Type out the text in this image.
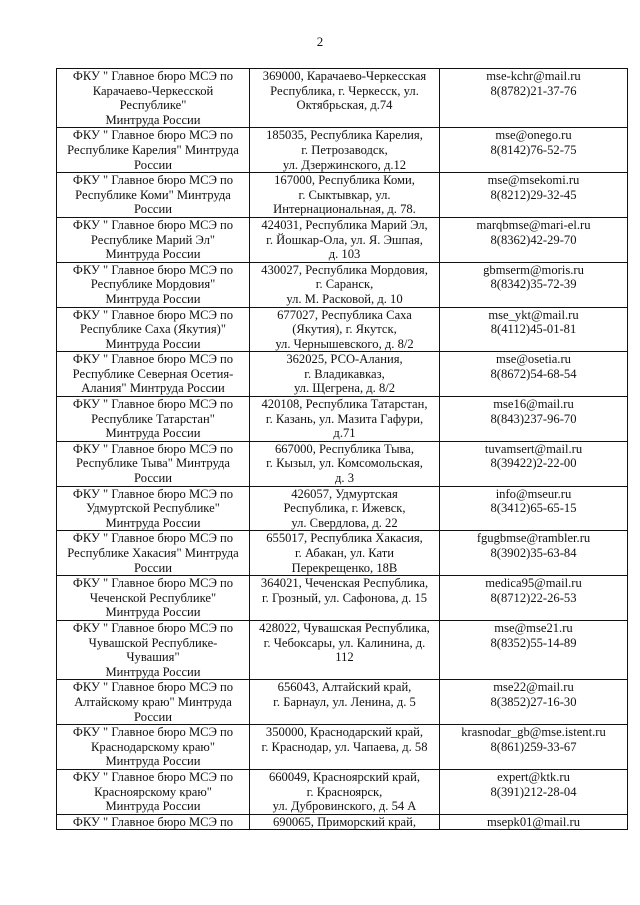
2
ФКУ " Главное бюро МСЭ по
Карачаево-Черкесской
Республике"
Минтруда России	369000, Карачаево-Черкесская
Республика, г. Черкесск, ул.
Октябрьская, д.74	mse-kchr@mail.ru
8(8782)21-37-76

ФКУ " Главное бюро МСЭ по
Республике Карелия" Минтруда
России	185035, Республика Карелия,
г. Петрозаводск,
ул. Дзержинского, д.12	mse@onego.ru
8(8142)76-52-75

ФКУ " Главное бюро МСЭ по
Республике Коми" Минтруда
России	167000, Республика Коми,
г. Сыктывкар, ул.
Интернациональная, д. 78.	mse@msekomi.ru
8(8212)29-32-45

ФКУ " Главное бюро МСЭ по
Республике Марий Эл"
Минтруда России	424031, Республика Марий Эл,
г. Йошкар-Ола, ул. Я. Эшпая,
д. 103	marqbmse@mari-el.ru
8(8362)42-29-70

ФКУ " Главное бюро МСЭ по
Республике Мордовия"
Минтруда России	430027, Республика Мордовия,
г. Саранск,
ул. М. Расковой, д. 10	gbmserm@moris.ru
8(8342)35-72-39

ФКУ " Главное бюро МСЭ по
Республике Саха (Якутия)"
Минтруда России	677027, Республика Саха
(Якутия), г. Якутск,
ул. Чернышевского, д. 8/2	mse_ykt@mail.ru
8(4112)45-01-81

ФКУ " Главное бюро МСЭ по
Республике Северная Осетия-
Алания" Минтруда России	362025, РСО-Алания,
г. Владикавказ,
ул. Щегрена, д. 8/2	mse@osetia.ru
8(8672)54-68-54

ФКУ " Главное бюро МСЭ по
Республике Татарстан"
Минтруда России	420108, Республика Татарстан,
г. Казань, ул. Мазита Гафури,
д.71	mse16@mail.ru
8(843)237-96-70

ФКУ " Главное бюро МСЭ по
Республике Тыва" Минтруда
России	667000, Республика Тыва,
г. Кызыл, ул. Комсомольская,
д. 3	tuvamsert@mail.ru
8(39422)2-22-00

ФКУ " Главное бюро МСЭ по
Удмуртской Республике"
Минтруда России	426057, Удмуртская
Республика, г. Ижевск,
ул. Свердлова, д. 22	info@mseur.ru
8(3412)65-65-15

ФКУ " Главное бюро МСЭ по
Республике Хакасия" Минтруда
России	655017, Республика Хакасия,
г. Абакан, ул. Кати
Перекрещенко, 18В	fgugbmse@rambler.ru
8(3902)35-63-84

ФКУ " Главное бюро МСЭ по
Чеченской Республике"
Минтруда России	364021, Чеченская Республика,
г. Грозный, ул. Сафонова, д. 15	medica95@mail.ru
8(8712)22-26-53

ФКУ " Главное бюро МСЭ по
Чувашской Республике-
Чувашия"
Минтруда России	428022, Чувашская Республика,
г. Чебоксары, ул. Калинина, д.
112	mse@mse21.ru
8(8352)55-14-89

ФКУ " Главное бюро МСЭ по
Алтайскому краю" Минтруда
России	656043, Алтайский край,
г. Барнаул, ул. Ленина, д. 5	mse22@mail.ru
8(3852)27-16-30

ФКУ " Главное бюро МСЭ по
Краснодарскому краю"
Минтруда России	350000, Краснодарский край,
г. Краснодар, ул. Чапаева, д. 58	krasnodar_gb@mse.istent.ru
8(861)259-33-67

ФКУ " Главное бюро МСЭ по
Красноярскому краю"
Минтруда России	660049, Красноярский край,
г. Красноярск,
ул. Дубровинского, д. 54 А	expert@ktk.ru
8(391)212-28-04

ФКУ " Главное бюро МСЭ по	690065, Приморский край,	msepk01@mail.ru
